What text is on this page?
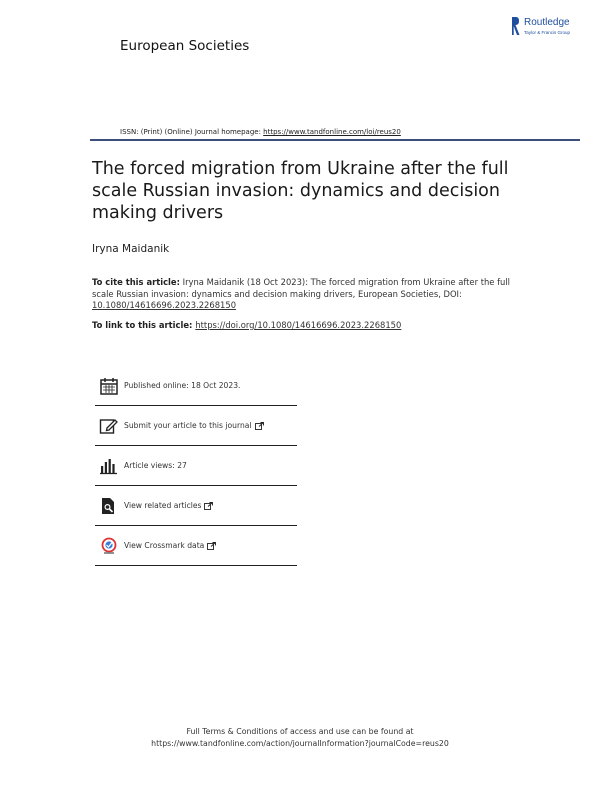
European Societies
Routledge
Taylor & Francis Group
ISSN: (Print) (Online) Journal homepage: https://www.tandfonline.com/loi/reus20
The forced migration from Ukraine after the full scale Russian invasion: dynamics and decision making drivers
Iryna Maidanik
To cite this article: Iryna Maidanik (18 Oct 2023): The forced migration from Ukraine after the full scale Russian invasion: dynamics and decision making drivers, European Societies, DOI: 10.1080/14616696.2023.2268150
To link to this article: https://doi.org/10.1080/14616696.2023.2268150
Published online: 18 Oct 2023.
Submit your article to this journal
Article views: 27
View related articles
View Crossmark data
Full Terms & Conditions of access and use can be found at
https://www.tandfonline.com/action/journalInformation?journalCode=reus20
